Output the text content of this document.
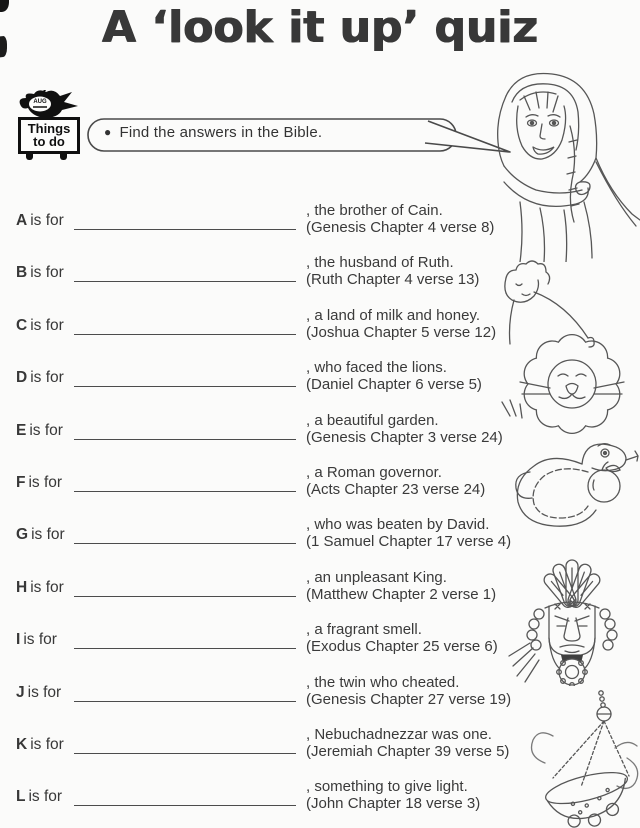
A ‘look it up’ quiz
AUG
Things
to do
● Find the answers in the Bible.
A is for
, the brother of Cain.
(Genesis Chapter 4 verse 8)
B is for
, the husband of Ruth.
(Ruth Chapter 4 verse 13)
C is for
, a land of milk and honey.
(Joshua Chapter 5 verse 12)
D is for
, who faced the lions.
(Daniel Chapter 6 verse 5)
E is for
, a beautiful garden.
(Genesis Chapter 3 verse 24)
F is for
, a Roman governor.
(Acts Chapter 23 verse 24)
G is for
, who was beaten by David.
(1 Samuel Chapter 17 verse 4)
H is for
, an unpleasant King.
(Matthew Chapter 2 verse 1)
I is for
, a fragrant smell.
(Exodus Chapter 25 verse 6)
J is for
, the twin who cheated.
(Genesis Chapter 27 verse 19)
K is for
, Nebuchadnezzar was one.
(Jeremiah Chapter 39 verse 5)
L is for
, something to give light.
(John Chapter 18 verse 3)
